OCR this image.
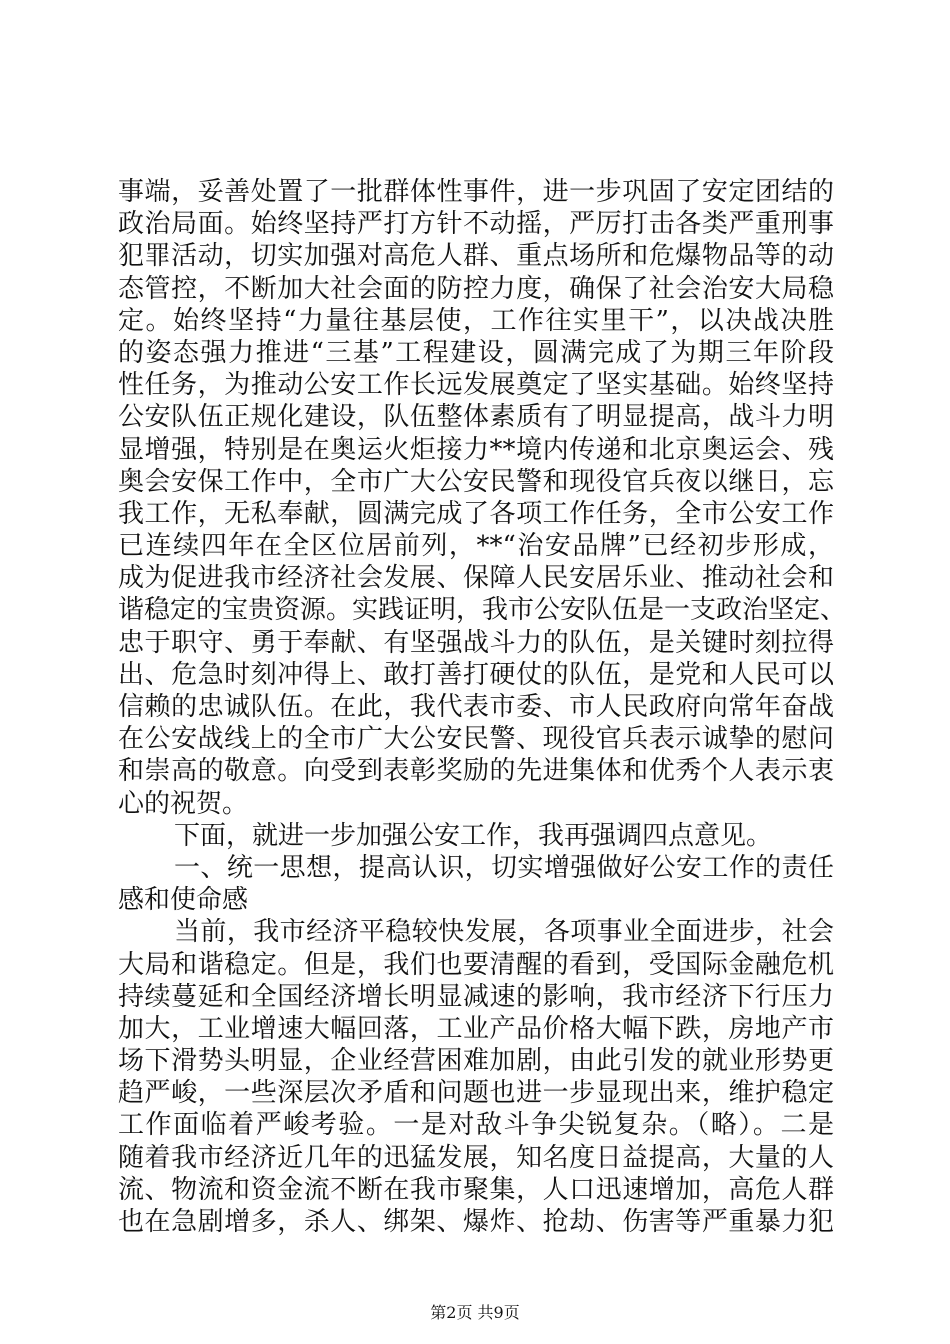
事端，妥善处置了一批群体性事件，进一步巩固了安定团结的
政治局面。始终坚持严打方针不动摇，严厉打击各类严重刑事
犯罪活动，切实加强对高危人群、重点场所和危爆物品等的动
态管控，不断加大社会面的防控力度，确保了社会治安大局稳
定。始终坚持“力量往基层使，工作往实里干”，以决战决胜
的姿态强力推进“三基”工程建设，圆满完成了为期三年阶段
性任务，为推动公安工作长远发展奠定了坚实基础。始终坚持
公安队伍正规化建设，队伍整体素质有了明显提高，战斗力明
显增强，特别是在奥运火炬接力**境内传递和北京奥运会、残
奥会安保工作中，全市广大公安民警和现役官兵夜以继日，忘
我工作，无私奉献，圆满完成了各项工作任务，全市公安工作
已连续四年在全区位居前列，**“治安品牌”已经初步形成，
成为促进我市经济社会发展、保障人民安居乐业、推动社会和
谐稳定的宝贵资源。实践证明，我市公安队伍是一支政治坚定、
忠于职守、勇于奉献、有坚强战斗力的队伍，是关键时刻拉得
出、危急时刻冲得上、敢打善打硬仗的队伍，是党和人民可以
信赖的忠诚队伍。在此，我代表市委、市人民政府向常年奋战
在公安战线上的全市广大公安民警、现役官兵表示诚挚的慰问
和崇高的敬意。向受到表彰奖励的先进集体和优秀个人表示衷
心的祝贺。
下面，就进一步加强公安工作，我再强调四点意见。
一、统一思想，提高认识，切实增强做好公安工作的责任
感和使命感
当前，我市经济平稳较快发展，各项事业全面进步，社会
大局和谐稳定。但是，我们也要清醒的看到，受国际金融危机
持续蔓延和全国经济增长明显减速的影响，我市经济下行压力
加大，工业增速大幅回落，工业产品价格大幅下跌，房地产市
场下滑势头明显，企业经营困难加剧，由此引发的就业形势更
趋严峻，一些深层次矛盾和问题也进一步显现出来，维护稳定
工作面临着严峻考验。一是对敌斗争尖锐复杂。（略）。二是
随着我市经济近几年的迅猛发展，知名度日益提高，大量的人
流、物流和资金流不断在我市聚集，人口迅速增加，高危人群
也在急剧增多，杀人、绑架、爆炸、抢劫、伤害等严重暴力犯
第2页 共9页
